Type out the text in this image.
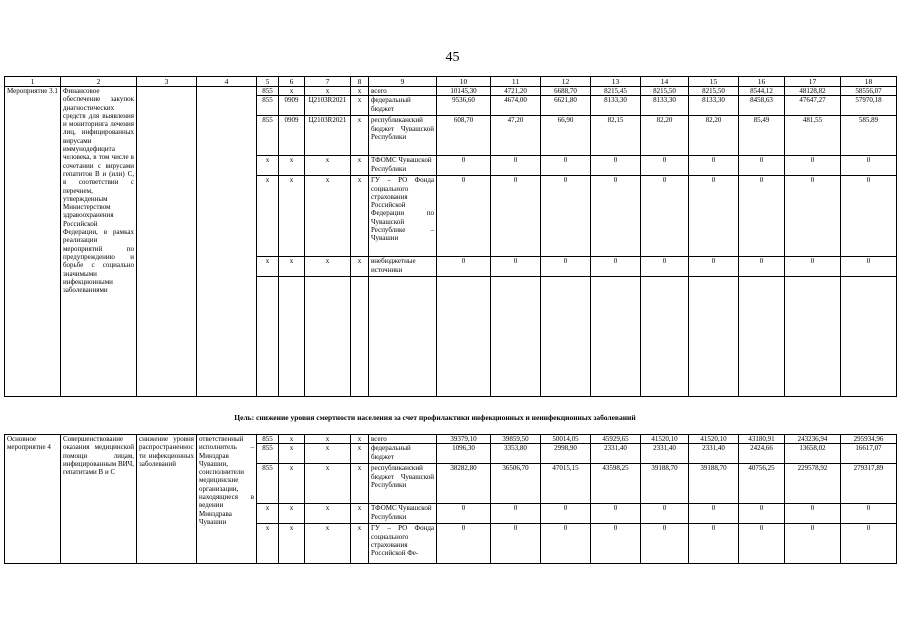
45
1	2	3	4	5	6	7	8	9	10	11	12	13	14	15	16	17	18
Мероприятие 3.1	Финансовое обеспечение закупок диагностических средств для выявления и мониторинга лечения лиц, инфицированных вирусами иммунодефицита человека, в том числе в сочетании с вирусами гепатитов В и (или) С, в соответствии с перечнем, утвержденным Министерством здравоохранения Российской Федерации, в рамках реализации мероприятий по предупреждению и борьбе с социально значимыми инфекционными заболеваниями			855	х	х	х	всего	10145,30	4721,20	6688,70	8215,45	8215,50	8215,50	8544,12	48128,82	58556,07
				855	0909	Ц2103R2021	х	федеральный бюджет	9536,60	4674,00	6621,80	8133,30	8133,30	8133,30	8458,63	47647,27	57970,18
				855	0909	Ц2103R2021	х	республиканский бюджет Чувашской Республики	608,70	47,20	66,90	82,15	82,20	82,20	85,49	481,55	585,89
				х	х	х	х	ТФОМС Чувашской Республики	0	0	0	0	0	0	0	0	0
				х	х	х	х	ГУ – РО Фонда социального страхования Российской Федерации по Чувашской Республике – Чувашии	0	0	0	0	0	0	0	0	0
				х	х	х	х	внебюджетные источники	0	0	0	0	0	0	0	0	0

Цель: снижение уровня смертности населения за счет профилактики инфекционных и неинфекционных заболеваний
Основное мероприятие 4	Совершенствование оказания медицинской помощи лицам, инфицированным ВИЧ, гепатитами В и С	снижение уровня распространенности инфекционных заболеваний	ответственный исполнитель – Минздрав Чувашии, соисполнители медицинские организации, находящиеся в ведении Минздрава Чувашии	855	х	х	х	всего	39379,10	39859,50	50014,05	45929,65	41520,10	41520,10	43180,91	243236,94	295934,96
				855	х	х	х	федеральный бюджет	1096,30	3353,80	2998,90	2331,40	2331,40	2331,40	2424,66	13658,02	16617,07
				855	х	х	х	республиканский бюджет Чувашской Республики	38282,80	36506,70	47015,15	43598,25	39188,70	39188,70	40756,25	229578,92	279317,89
				х	х	х	х	ТФОМС Чувашской Республики	0	0	0	0	0	0	0	0	0
				х	х	х	х	ГУ – РО Фонда социального страхования Российской Фе-	0	0	0	0	0	0	0	0	0
